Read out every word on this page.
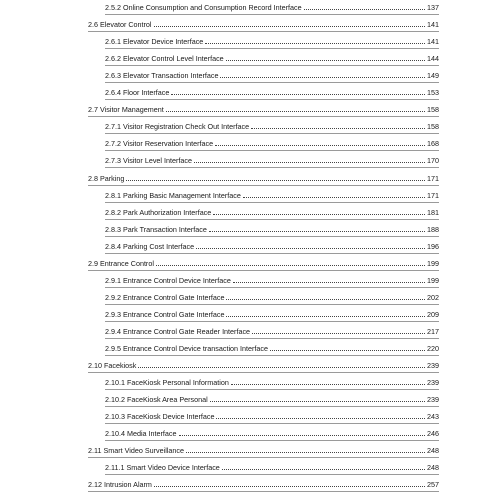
2.5.2 Online Consumption and Consumption Record Interface	137
2.6 Elevator Control	141
2.6.1 Elevator Device Interface	141
2.6.2 Elevator Control Level Interface	144
2.6.3 Elevator Transaction Interface	149
2.6.4 Floor Interface	153
2.7 Visitor Management	158
2.7.1 Visitor Registration Check Out Interface	158
2.7.2 Visitor Reservation Interface	168
2.7.3 Visitor Level Interface	170
2.8 Parking	171
2.8.1 Parking Basic Management Interface	171
2.8.2 Park Authorization Interface	181
2.8.3 Park Transaction Interface	188
2.8.4 Parking Cost Interface	196
2.9 Entrance Control	199
2.9.1 Entrance Control Device Interface	199
2.9.2 Entrance Control Gate Interface	202
2.9.3 Entrance Control Gate Interface	209
2.9.4 Entrance Control Gate Reader Interface	217
2.9.5 Entrance Control Device transaction Interface	220
2.10 Facekiosk	239
2.10.1 FaceKiosk Personal Information	239
2.10.2 FaceKiosk Area Personal	239
2.10.3 FaceKiosk Device Interface	243
2.10.4 Media Interface	246
2.11 Smart Video Surveillance	248
2.11.1 Smart Video Device Interface	248
2.12 Intrusion Alarm	257
